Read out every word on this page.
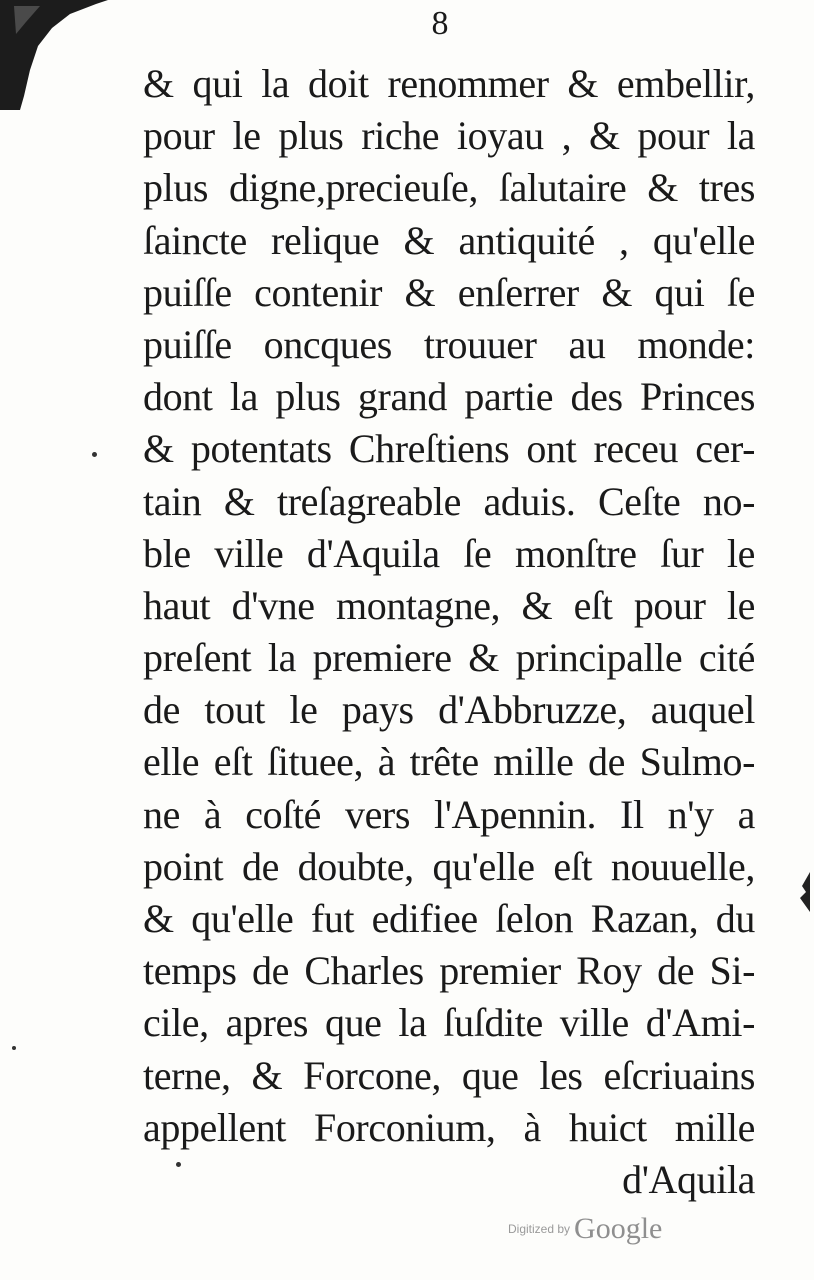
8
& qui la doit renommer & embellir,
pour le plus riche ioyau , & pour la
plus digne,precieuſe, ſalutaire & tres
ſaincte relique & antiquité , qu'elle
puiſſe contenir & enſerrer & qui ſe
puiſſe oncques trouuer au monde:
dont la plus grand partie des Princes
& potentats Chreſtiens ont receu cer-
tain & treſagreable aduis. Ceſte no-
ble ville d'Aquila ſe monſtre ſur le
haut d'vne montagne, & eſt pour le
preſent la premiere & principalle cité
de tout le pays d'Abbruzze, auquel
elle eſt ſituee, à trête mille de Sulmo-
ne à coſté vers l'Apennin. Il n'y a
point de doubte, qu'elle eſt nouuelle,
& qu'elle fut edifiee ſelon Razan, du
temps de Charles premier Roy de Si-
cile, apres que la ſuſdite ville d'Ami-
terne, & Forcone, que les eſcriuains
appellent Forconium, à huict mille
d'Aquila
Digitized by Google
